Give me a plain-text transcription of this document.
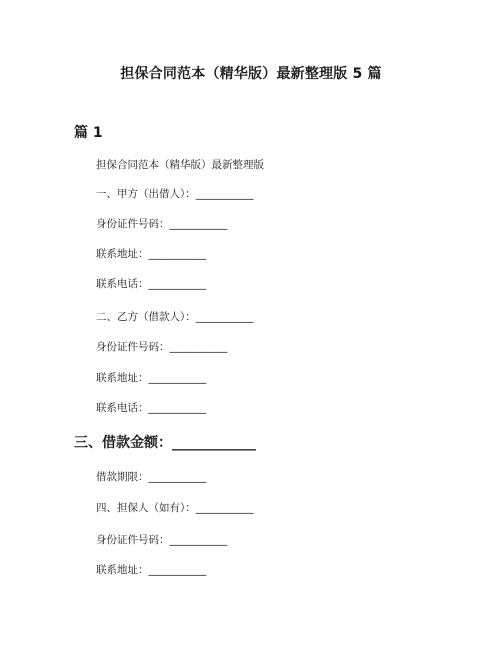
担保合同范本（精华版）最新整理版 5 篇
篇 1
担保合同范本（精华版）最新整理版
一、甲方（出借人）：___________
身份证件号码：___________
联系地址：___________
联系电话：___________
二、乙方（借款人）：___________
身份证件号码：___________
联系地址：___________
联系电话：___________
三、借款金额：____________
借款期限：___________
四、担保人（如有）：___________
身份证件号码：___________
联系地址：___________
